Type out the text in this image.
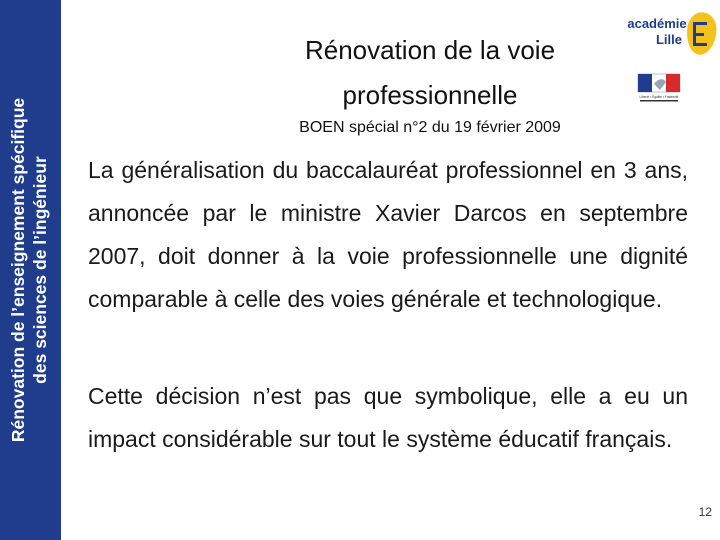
Rénovation de l’enseignement spécifique des sciences de l’ingénieur
Rénovation de la voie
professionnelle
BOEN spécial n°2 du 19 février 2009
La généralisation du baccalauréat professionnel en 3 ans, annoncée par le ministre Xavier Darcos en septembre 2007, doit donner à la voie professionnelle une dignité comparable à celle des voies générale et technologique.
Cette décision n’est pas que symbolique, elle a eu un impact considérable sur tout le système éducatif français.
académie
Lille
Liberté • Égalité • Fraternité
12
